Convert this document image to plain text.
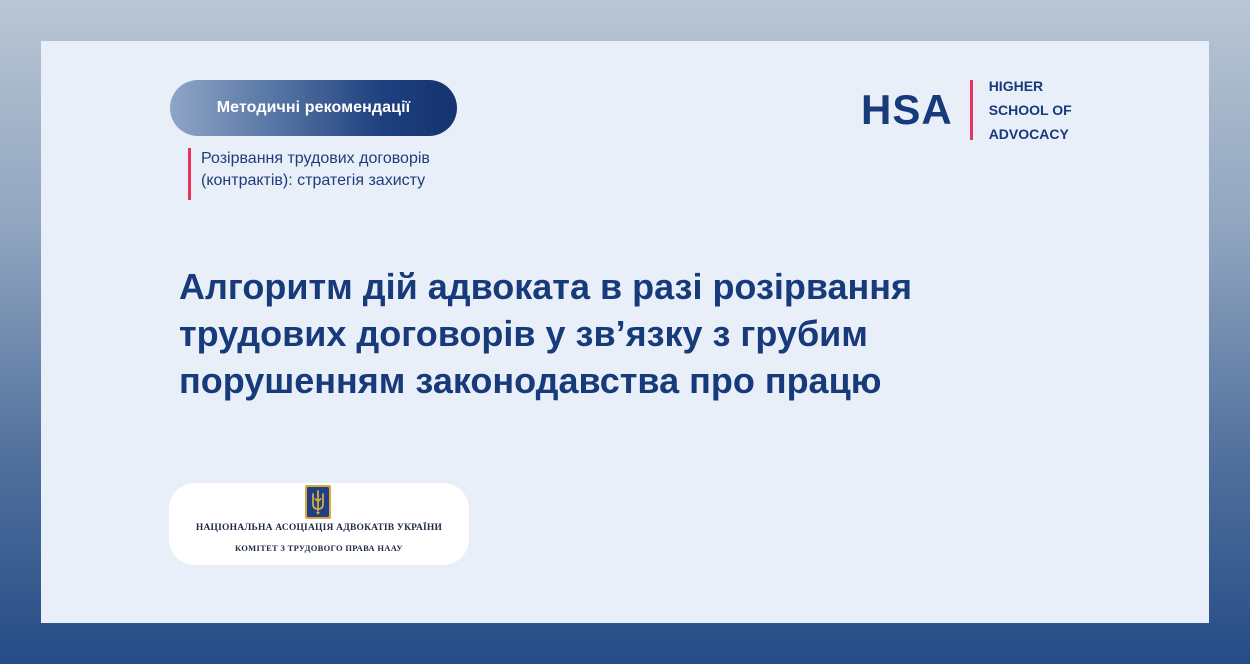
Методичні рекомендації
Розірвання трудових договорів
(контрактів): стратегія захисту
HSA	HIGHER
SCHOOL OF
ADVOCACY
Алгоритм дій адвоката в разі розірвання
трудових договорів у зв’язку з грубим
порушенням законодавства про працю
НАЦІОНАЛЬНА АСОЦІАЦІЯ АДВОКАТІВ УКРАЇНИ
КОМІТЕТ З ТРУДОВОГО ПРАВА НААУ
